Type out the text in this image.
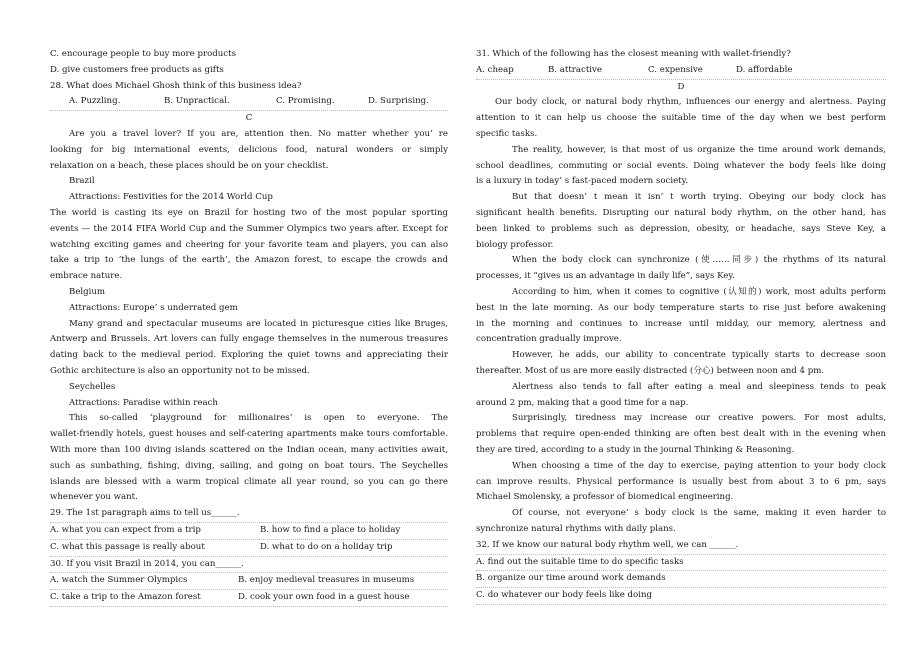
C. encourage people to buy more products
D. give customers free products as gifts
28. What does Michael Ghosh think of this business idea?
A. Puzzling.	B. Unpractical.	C. Promising.	D. Surprising.
C
Are you a travel lover? If you are, attention then. No matter whether you’ re
looking for big international events, delicious food, natural wonders or simply
relaxation on a beach, these places should be on your checklist.
Brazil
Attractions: Festivities for the 2014 World Cup
The world is casting its eye on Brazil for hosting two of the most popular sporting
events — the 2014 FIFA World Cup and the Summer Olympics two years after. Except for
watching exciting games and cheering for your favorite team and players, you can also
take a trip to ‘the lungs of the earth’, the Amazon forest, to escape the crowds and
embrace nature.
Belgium
Attractions: Europe’ s underrated gem
Many grand and spectacular museums are located in picturesque cities like Bruges,
Antwerp and Brussels. Art lovers can fully engage themselves in the numerous treasures
dating back to the medieval period. Exploring the quiet towns and appreciating their
Gothic architecture is also an opportunity not to be missed.
Seychelles
Attractions: Paradise within reach
This so-called ‘playground for millionaires’ is open to everyone. The
wallet-friendly hotels, guest houses and self-catering apartments make tours comfortable.
With more than 100 diving islands scattered on the Indian ocean, many activities await,
such as sunbathing, fishing, diving, sailing, and going on boat tours. The Seychelles
islands are blessed with a warm tropical climate all year round, so you can go there
whenever you want.
29. The 1st paragraph aims to tell us______.
A. what you can expect from a trip	B. how to find a place to holiday
C. what this passage is really about	D. what to do on a holiday trip
30. If you visit Brazil in 2014, you can______.
A. watch the Summer Olympics	B. enjoy medieval treasures in museums
C. take a trip to the Amazon forest	D. cook your own food in a guest house
31. Which of the following has the closest meaning with wallet-friendly?
A. cheap	B. attractive	C. expensive	D. affordable
D
Our body clock, or natural body rhythm, influences our energy and alertness. Paying
attention to it can help us choose the suitable time of the day when we best perform
specific tasks.
The reality, however, is that most of us organize the time around work demands,
school deadlines, commuting or social events. Doing whatever the body feels like doing
is a luxury in today’ s fast-paced modern society.
But that doesn’ t mean it isn’ t worth trying. Obeying our body clock has
significant health benefits. Disrupting our natural body rhythm, on the other hand, has
been linked to problems such as depression, obesity, or headache, says Steve Key, a
biology professor.
When the body clock can synchronize (使……同步) the rhythms of its natural
processes, it “gives us an advantage in daily life”, says Key.
According to him, when it comes to cognitive (认知的) work, most adults perform
best in the late morning. As our body temperature starts to rise just before awakening
in the morning and continues to increase until midday, our memory, alertness and
concentration gradually improve.
However, he adds, our ability to concentrate typically starts to decrease soon
thereafter. Most of us are more easily distracted (分心) between noon and 4 pm.
Alertness also tends to fall after eating a meal and sleepiness tends to peak
around 2 pm, making that a good time for a nap.
Surprisingly, tiredness may increase our creative powers. For most adults,
problems that require open-ended thinking are often best dealt with in the evening when
they are tired, according to a study in the journal Thinking & Reasoning.
When choosing a time of the day to exercise, paying attention to your body clock
can improve results. Physical performance is usually best from about 3 to 6 pm, says
Michael Smolensky, a professor of biomedical engineering.
Of course, not everyone’ s body clock is the same, making it even harder to
synchronize natural rhythms with daily plans.
32. If we know our natural body rhythm well, we can ______.
A. find out the suitable time to do specific tasks
B. organize our time around work demands
C. do whatever our body feels like doing
